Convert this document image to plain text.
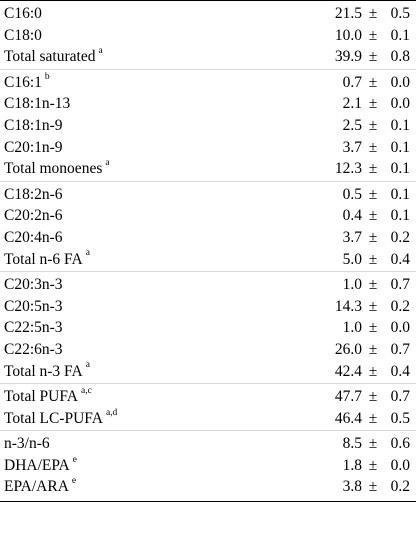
C16:0	21.5 ± 0.5
C18:0	10.0 ± 0.1
Total saturated $^a$	39.9 ± 0.8
C16:1 $^b$	0.7 ± 0.0
C18:1n-13	2.1 ± 0.0
C18:1n-9	2.5 ± 0.1
C20:1n-9	3.7 ± 0.1
Total monoenes $^a$	12.3 ± 0.1
C18:2n-6	0.5 ± 0.1
C20:2n-6	0.4 ± 0.1
C20:4n-6	3.7 ± 0.2
Total n-6 FA $^a$	5.0 ± 0.4
C20:3n-3	1.0 ± 0.7
C20:5n-3	14.3 ± 0.2
C22:5n-3	1.0 ± 0.0
C22:6n-3	26.0 ± 0.7
Total n-3 FA $^a$	42.4 ± 0.4
Total PUFA $^{a,c}$	47.7 ± 0.7
Total LC-PUFA $^{a,d}$	46.4 ± 0.5
n-3/n-6	8.5 ± 0.6
DHA/EPA $^e$	1.8 ± 0.0
EPA/ARA $^e$	3.8 ± 0.2
